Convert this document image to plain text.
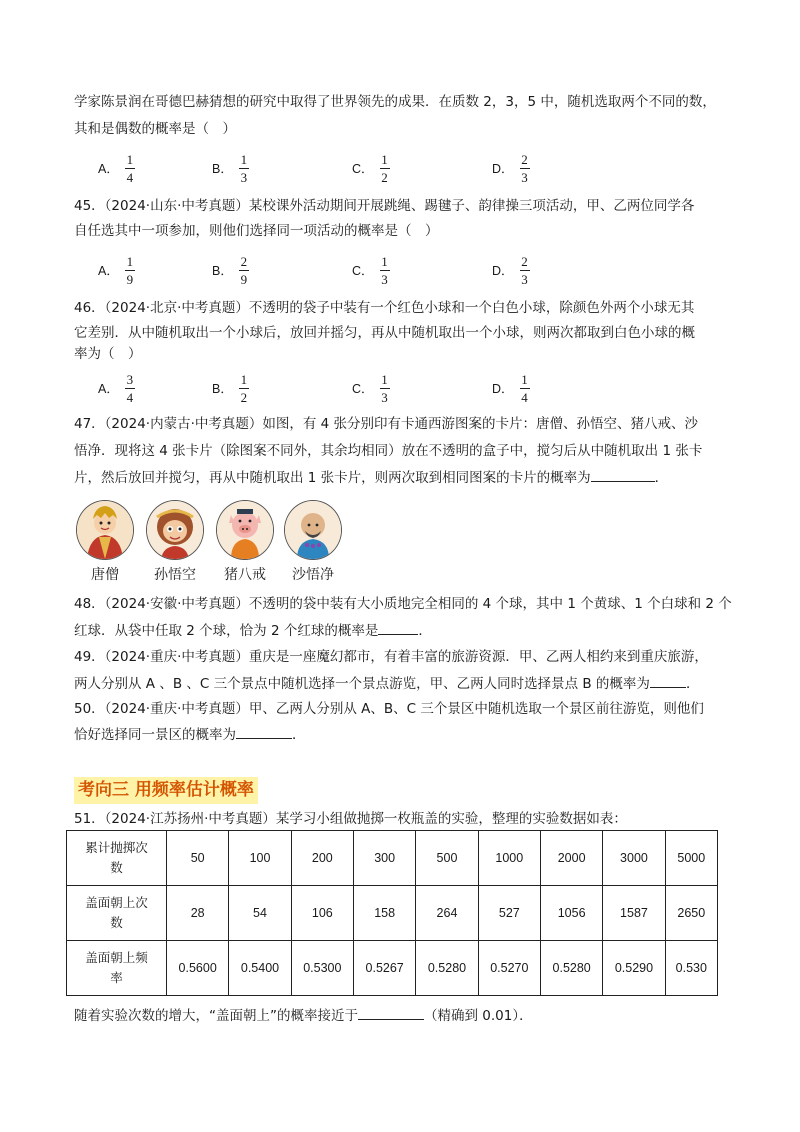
学家陈景润在哥德巴赫猜想的研究中取得了世界领先的成果．在质数 2，3，5 中，随机选取两个不同的数，
其和是偶数的概率是（　）
A． $\frac{1}{4}$	B． $\frac{1}{3}$	C． $\frac{1}{2}$	D． $\frac{2}{3}$
45．（2024·山东·中考真题）某校课外活动期间开展跳绳、踢毽子、韵律操三项活动，甲、乙两位同学各
自任选其中一项参加，则他们选择同一项活动的概率是（　）
A． $\frac{1}{9}$	B． $\frac{2}{9}$	C． $\frac{1}{3}$	D． $\frac{2}{3}$
46．（2024·北京·中考真题）不透明的袋子中装有一个红色小球和一个白色小球，除颜色外两个小球无其
它差别．从中随机取出一个小球后，放回并摇匀，再从中随机取出一个小球，则两次都取到白色小球的概
率为（　）
A． $\frac{3}{4}$	B． $\frac{1}{2}$	C． $\frac{1}{3}$	D． $\frac{1}{4}$
47．（2024·内蒙古·中考真题）如图，有 4 张分别印有卡通西游图案的卡片：唐僧、孙悟空、猪八戒、沙
悟净．现将这 4 张卡片（除图案不同外，其余均相同）放在不透明的盒子中，搅匀后从中随机取出 1 张卡
片，然后放回并搅匀，再从中随机取出 1 张卡片，则两次取到相同图案的卡片的概率为	．
唐僧	孙悟空	猪八戒	沙悟净
48．（2024·安徽·中考真题）不透明的袋中装有大小质地完全相同的 4 个球，其中 1 个黄球、1 个白球和 2 个
红球．从袋中任取 2 个球，恰为 2 个红球的概率是	．
49．（2024·重庆·中考真题）重庆是一座魔幻都市，有着丰富的旅游资源．甲、乙两人相约来到重庆旅游，
两人分别从 A 、B 、C 三个景点中随机选择一个景点游览，甲、乙两人同时选择景点 B 的概率为	．
50．（2024·重庆·中考真题）甲、乙两人分别从 A、B、C 三个景区中随机选取一个景区前往游览，则他们
恰好选择同一景区的概率为	．
考向三 用频率估计概率
51．（2024·江苏扬州·中考真题）某学习小组做抛掷一枚瓶盖的实验，整理的实验数据如表：
累计抛掷次
数	50	100	200	300	500	1000	2000	3000	5000

盖面朝上次
数	28	54	106	158	264	527	1056	1587	2650

盖面朝上频
率	0.5600	0.5400	0.5300	0.5267	0.5280	0.5270	0.5280	0.5290	0.530
随着实验次数的增大，“盖面朝上”的概率接近于	（精确到 0.01）．
